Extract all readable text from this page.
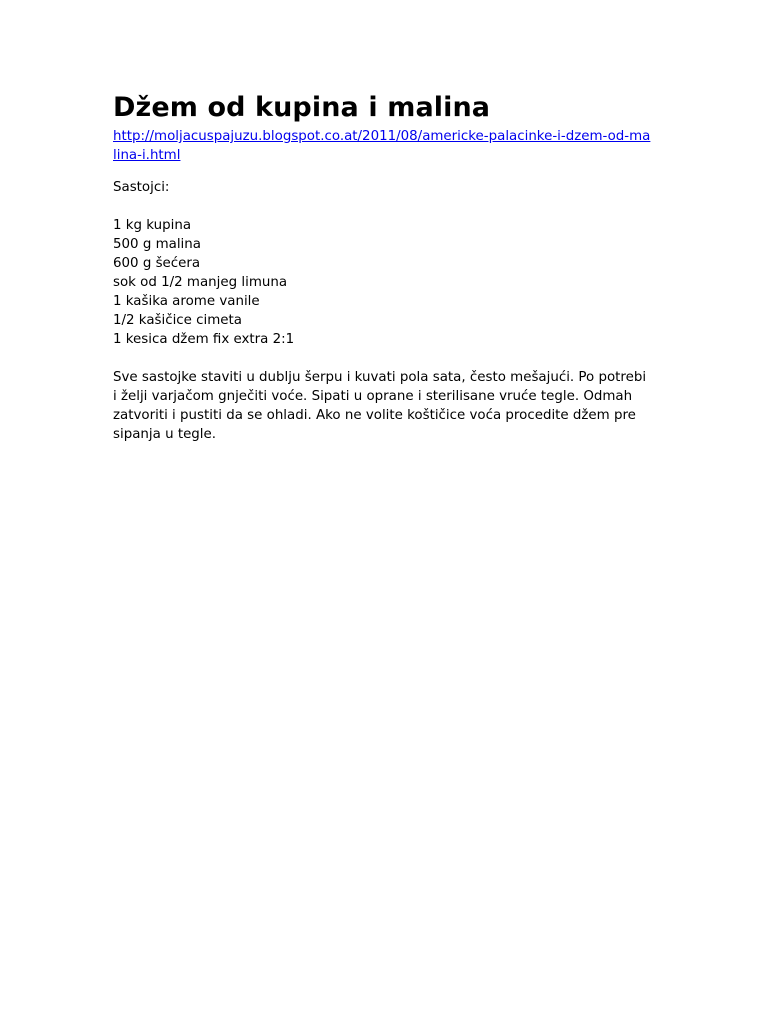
Džem od kupina i malina
http://moljacuspajuzu.blogspot.co.at/2011/08/americke-palacinke-i-dzem-od-malina-i.html

Sastojci:

1 kg kupina
500 g malina
600 g šećera
sok od 1/2 manjeg limuna
1 kašika arome vanile
1/2 kašičice cimeta
1 kesica džem fix extra 2:1

Sve sastojke staviti u dublju šerpu i kuvati pola sata, često mešajući. Po potrebi i želji varjačom gnječiti voće. Sipati u oprane i sterilisane vruće tegle. Odmah zatvoriti i pustiti da se ohladi. Ako ne volite koštičice voća procedite džem pre sipanja u tegle.
